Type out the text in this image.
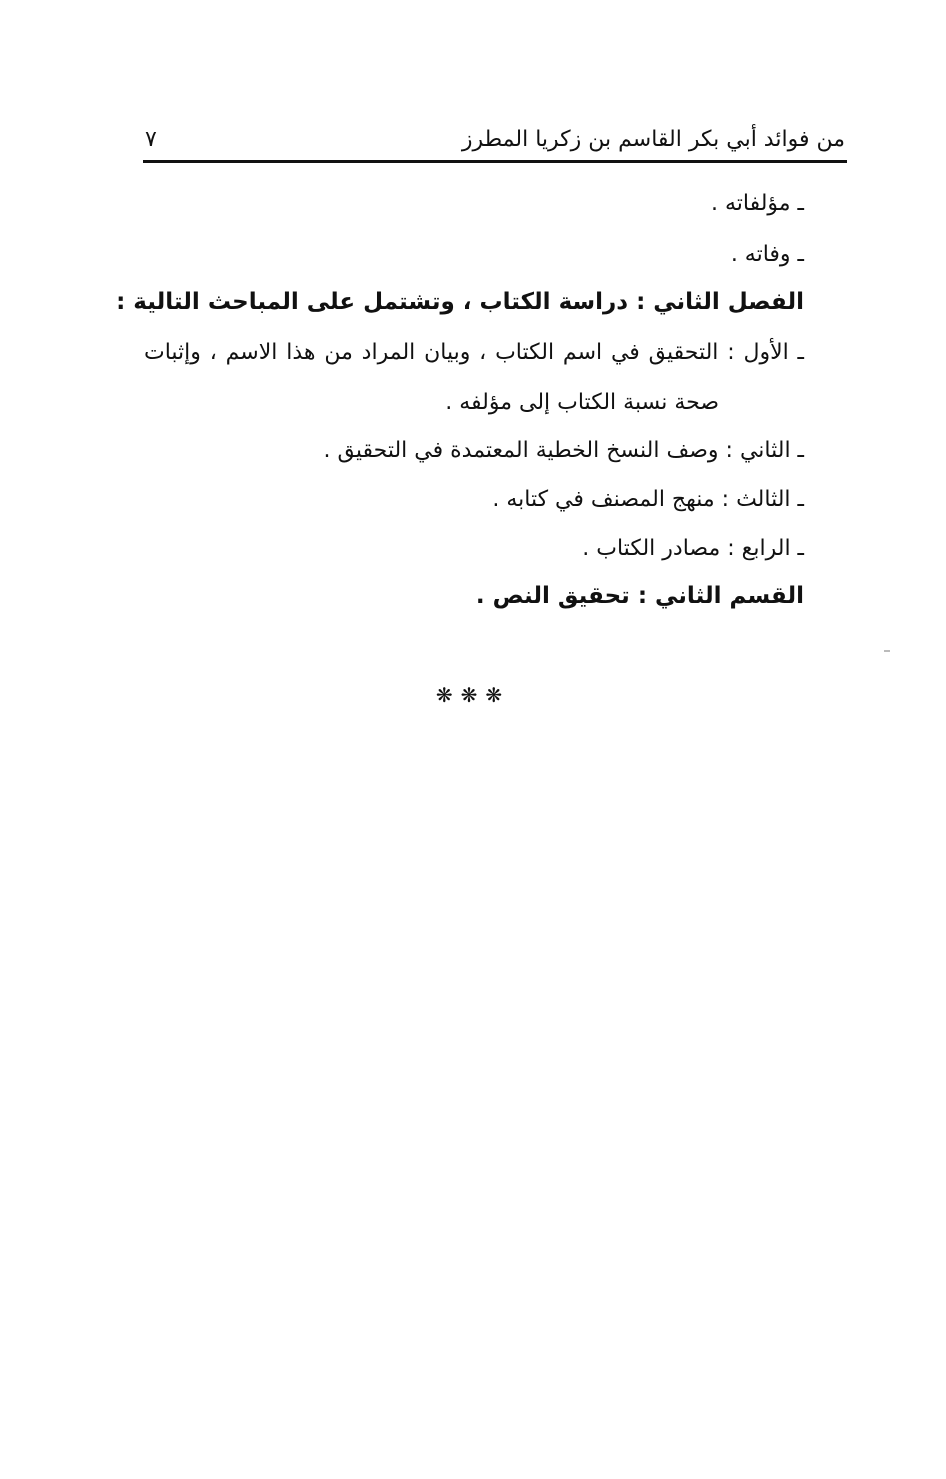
من فوائد أبي بكر القاسم بن زكريا المطرز
٧
ـ مؤلفاته .
ـ وفاته .
الفصل الثاني : دراسة الكتاب ، وتشتمل على المباحث التالية :
ـ الأول : التحقيق في اسم الكتاب ، وبيان المراد من هذا الاسم ، وإثبات
صحة نسبة الكتاب إلى مؤلفه .
ـ الثاني : وصف النسخ الخطية المعتمدة في التحقيق .
ـ الثالث : منهج المصنف في كتابه .
ـ الرابع : مصادر الكتاب .
القسم الثاني : تحقيق النص .
❋❋❋
